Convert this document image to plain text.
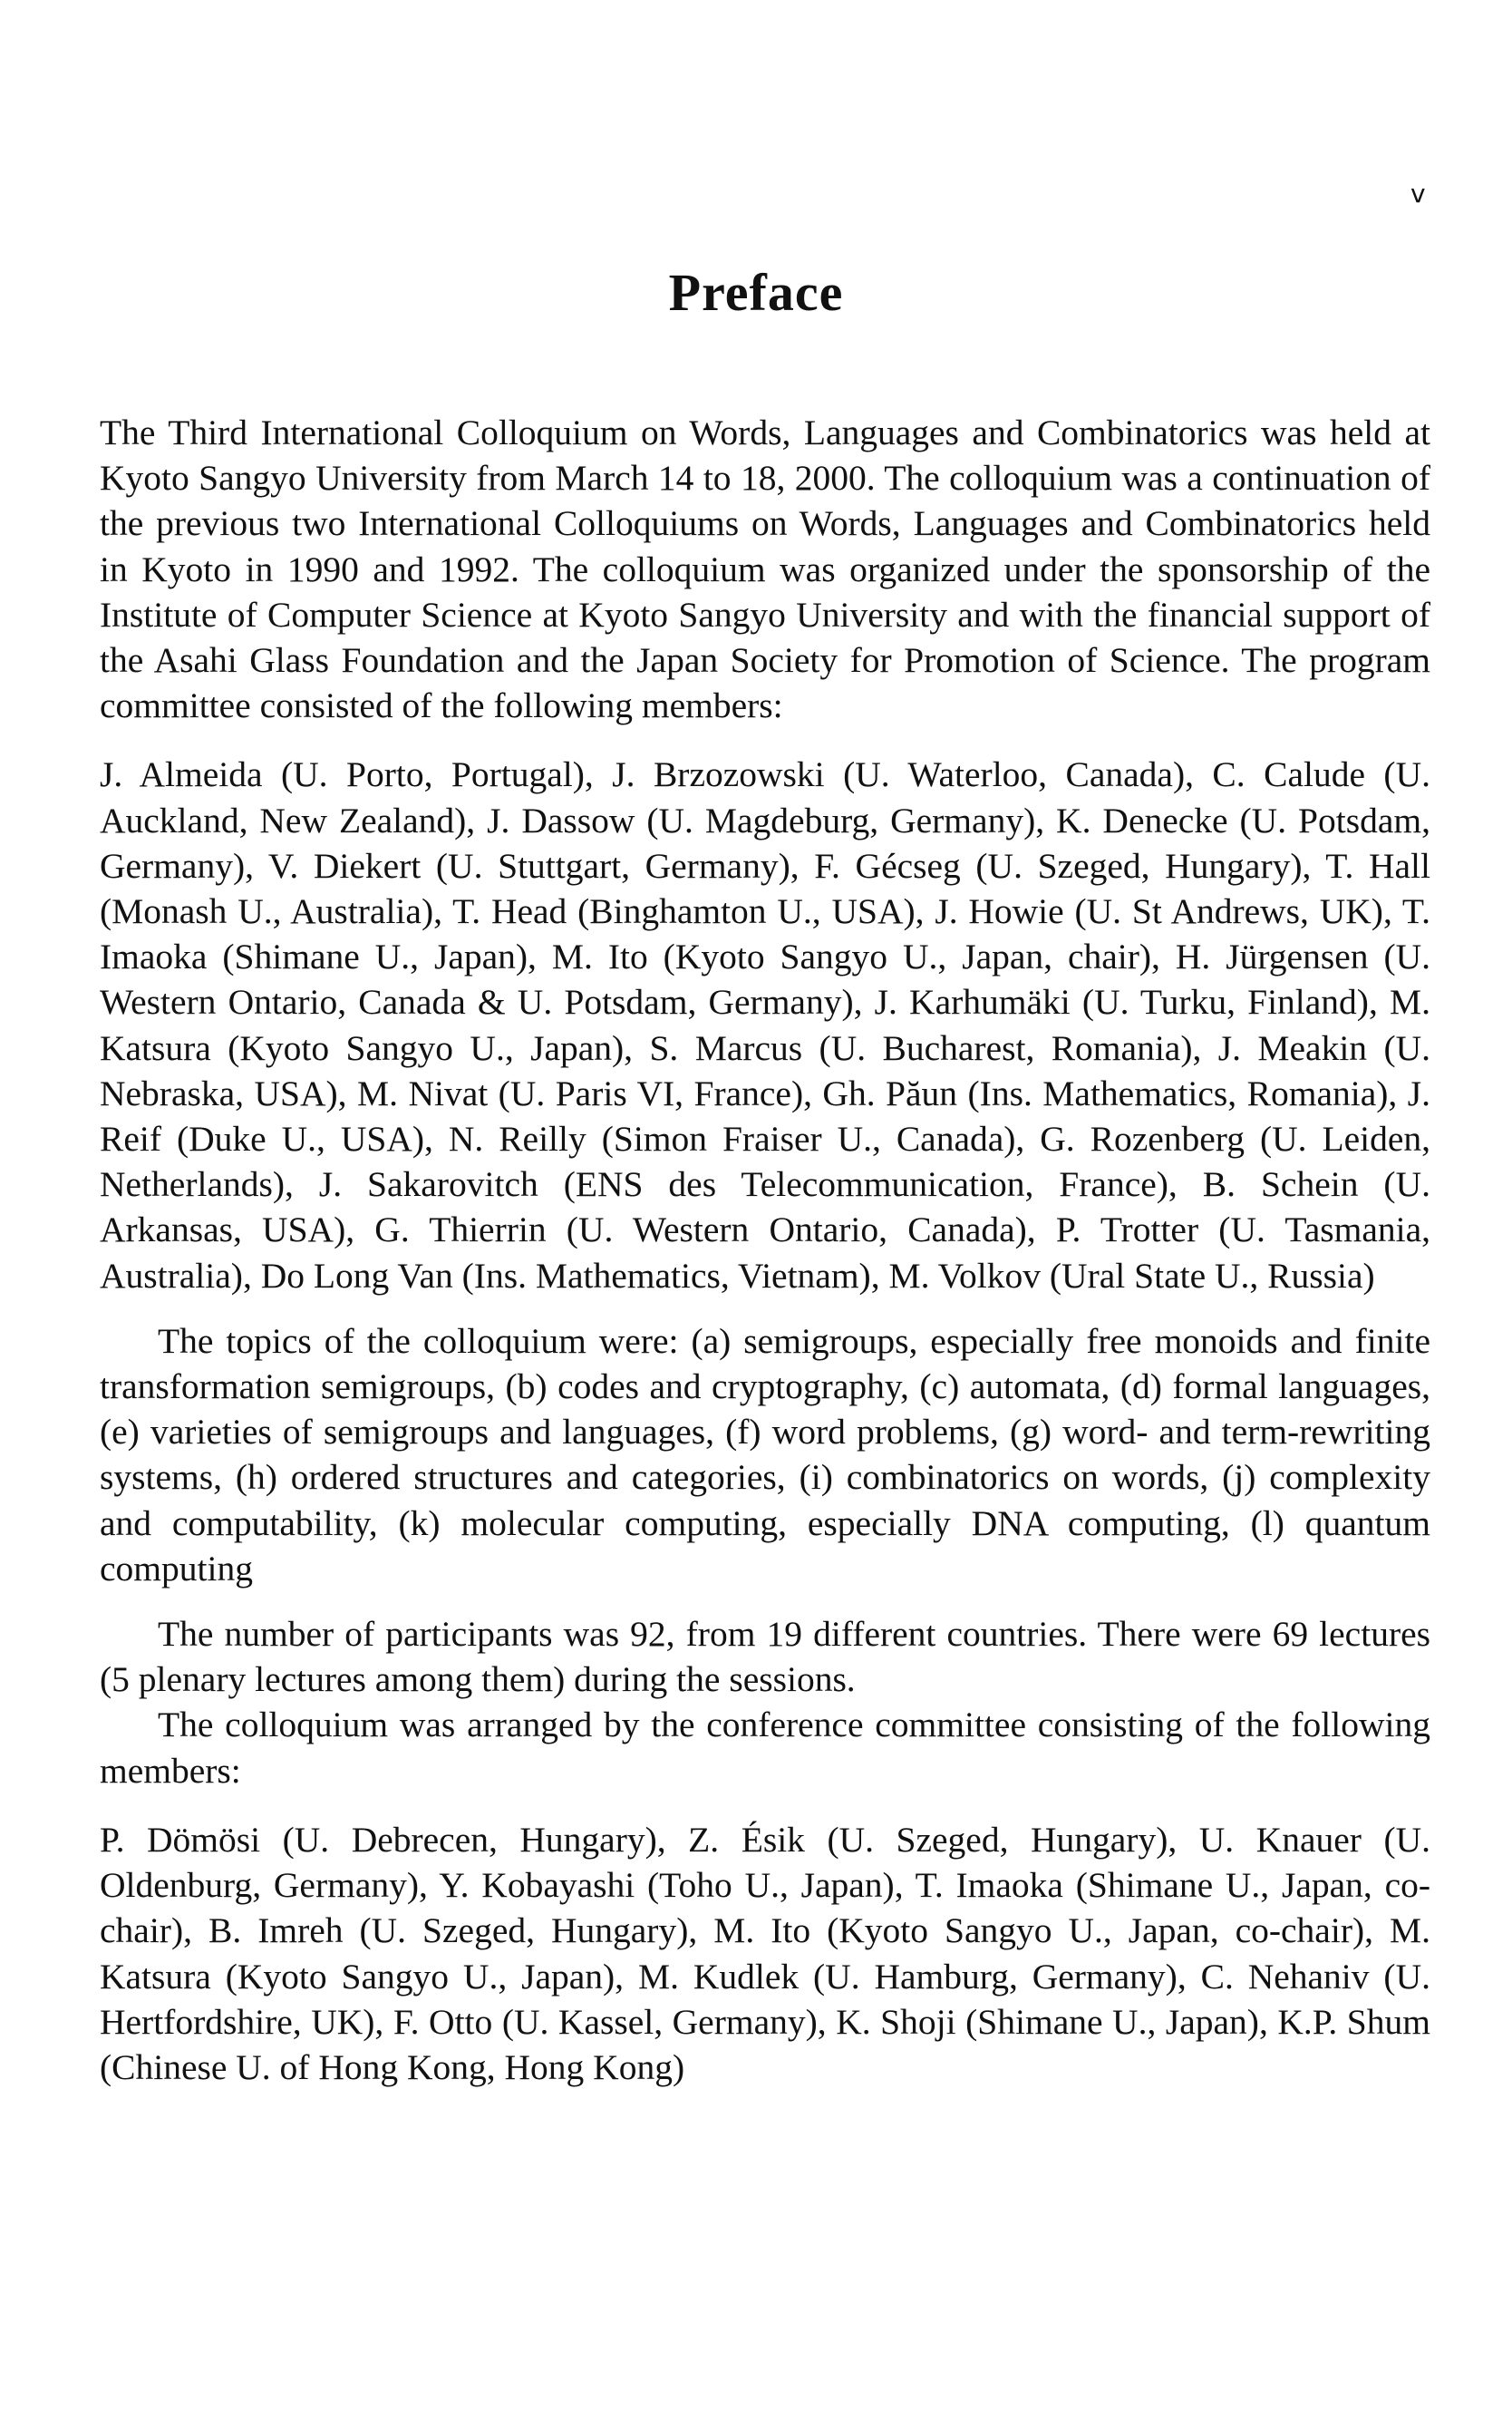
v
Preface

The Third International Colloquium on Words, Languages and Combinatorics was held at Kyoto Sangyo University from March 14 to 18, 2000. The colloquium was a continuation of the previous two International Colloquiums on Words, Languages and Combinatorics held in Kyoto in 1990 and 1992. The colloquium was organized under the sponsorship of the Institute of Computer Science at Kyoto Sangyo University and with the financial support of the Asahi Glass Foundation and the Japan Society for Promotion of Science. The program committee consisted of the following members:

J. Almeida (U. Porto, Portugal), J. Brzozowski (U. Waterloo, Canada), C. Calude (U. Auckland, New Zealand), J. Dassow (U. Magdeburg, Germany), K. Denecke (U. Potsdam, Germany), V. Diekert (U. Stuttgart, Germany), F. Gécseg (U. Szeged, Hungary), T. Hall (Monash U., Australia), T. Head (Binghamton U., USA), J. Howie (U. St Andrews, UK), T. Imaoka (Shimane U., Japan), M. Ito (Kyoto Sangyo U., Japan, chair), H. Jürgensen (U. Western Ontario, Canada & U. Potsdam, Germany), J. Karhumäki (U. Turku, Finland), M. Katsura (Kyoto Sangyo U., Japan), S. Marcus (U. Bucharest, Romania), J. Meakin (U. Nebraska, USA), M. Nivat (U. Paris VI, France), Gh. Păun (Ins. Mathematics, Romania), J. Reif (Duke U., USA), N. Reilly (Simon Fraiser U., Canada), G. Rozenberg (U. Leiden, Netherlands), J. Sakarovitch (ENS des Telecommunication, France), B. Schein (U. Arkansas, USA), G. Thierrin (U. Western Ontario, Canada), P. Trotter (U. Tasmania, Australia), Do Long Van (Ins. Mathematics, Vietnam), M. Volkov (Ural State U., Russia)

The topics of the colloquium were: (a) semigroups, especially free monoids and finite transformation semigroups, (b) codes and cryptography, (c) automata, (d) formal languages, (e) varieties of semigroups and languages, (f) word problems, (g) word- and term-rewriting systems, (h) ordered structures and categories, (i) combinatorics on words, (j) complexity and computability, (k) molecular computing, especially DNA computing, (l) quantum computing

The number of participants was 92, from 19 different countries. There were 69 lectures (5 plenary lectures among them) during the sessions.

The colloquium was arranged by the conference committee consisting of the following members:

P. Dömösi (U. Debrecen, Hungary), Z. Ésik (U. Szeged, Hungary), U. Knauer (U. Oldenburg, Germany), Y. Kobayashi (Toho U., Japan), T. Imaoka (Shimane U., Japan, co-chair), B. Imreh (U. Szeged, Hungary), M. Ito (Kyoto Sangyo U., Japan, co-chair), M. Katsura (Kyoto Sangyo U., Japan), M. Kudlek (U. Hamburg, Germany), C. Nehaniv (U. Hertfordshire, UK), F. Otto (U. Kassel, Germany), K. Shoji (Shimane U., Japan), K.P. Shum (Chinese U. of Hong Kong, Hong Kong)
